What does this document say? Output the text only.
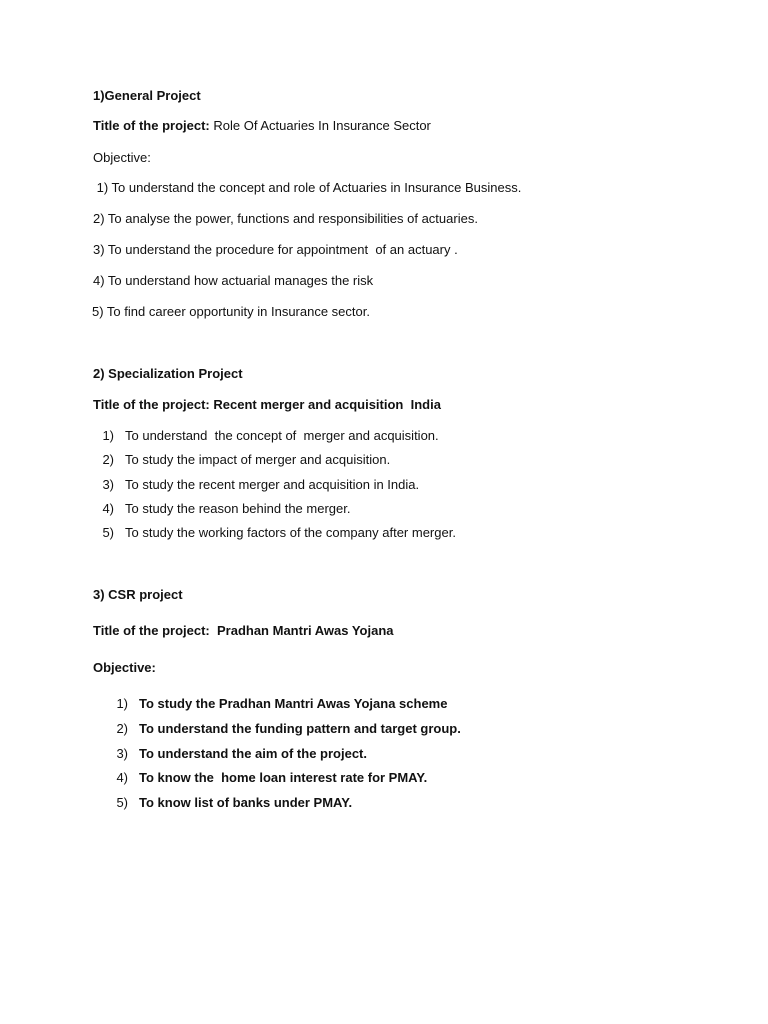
1)General Project
Title of the project: Role Of Actuaries In Insurance Sector
Objective:
1) To understand the concept and role of Actuaries in Insurance Business.
2) To analyse the power, functions and responsibilities of actuaries.
3) To understand the procedure for appointment  of an actuary .
4) To understand how actuarial manages the risk
5) To find career opportunity in Insurance sector.
2) Specialization Project
Title of the project: Recent merger and acquisition  India
1) To understand  the concept of  merger and acquisition.
2) To study the impact of merger and acquisition.
3) To study the recent merger and acquisition in India.
4) To study the reason behind the merger.
5) To study the working factors of the company after merger.
3) CSR project
Title of the project:  Pradhan Mantri Awas Yojana
Objective:
1) To study the Pradhan Mantri Awas Yojana scheme
2) To understand the funding pattern and target group.
3) To understand the aim of the project.
4) To know the  home loan interest rate for PMAY.
5) To know list of banks under PMAY.
